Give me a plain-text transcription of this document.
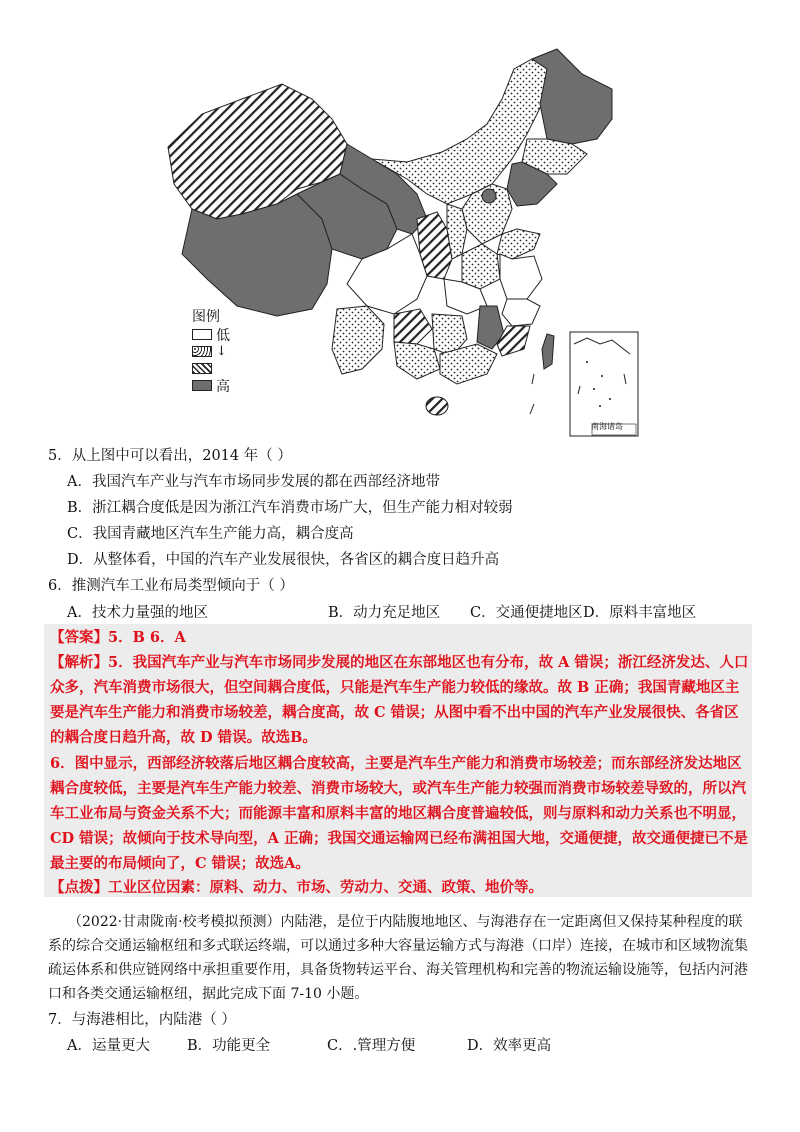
图例
低
↓
高
南海诸岛
5．从上图中可以看出，2014 年（ ）
A．我国汽车产业与汽车市场同步发展的都在西部经济地带
B．浙江耦合度低是因为浙江汽车消费市场广大，但生产能力相对较弱
C．我国青藏地区汽车生产能力高，耦合度高
D．从整体看，中国的汽车产业发展很快，各省区的耦合度日趋升高
6．推测汽车工业布局类型倾向于（ ）
A．技术力量强的地区	B．动力充足地区 C．交通便捷地区 D．原料丰富地区
【答案】5．B 6．A
【解析】5．我国汽车产业与汽车市场同步发展的地区在东部地区也有分布，故 A 错误；浙江经济发达、人口众多，汽车消费市场很大，但空间耦合度低，只能是汽车生产能力较低的缘故。故 B 正确；我国青藏地区主要是汽车生产能力和消费市场较差，耦合度高，故 C 错误；从图中看不出中国的汽车产业发展很快、各省区的耦合度日趋升高，故 D 错误。故选B。
6．图中显示，西部经济较落后地区耦合度较高，主要是汽车生产能力和消费市场较差；而东部经济发达地区耦合度较低，主要是汽车生产能力较差、消费市场较大，或汽车生产能力较强而消费市场较差导致的，所以汽车工业布局与资金关系不大；而能源丰富和原料丰富的地区耦合度普遍较低，则与原料和动力关系也不明显，CD 错误；故倾向于技术导向型，A 正确；我国交通运输网已经布满祖国大地，交通便捷，故交通便捷已不是最主要的布局倾向了，C 错误；故选A。
【点拨】工业区位因素：原料、动力、市场、劳动力、交通、政策、地价等。
（2022·甘肃陇南·校考模拟预测）内陆港，是位于内陆腹地地区、与海港存在一定距离但又保持某种程度的联系的综合交通运输枢纽和多式联运终端，可以通过多种大容量运输方式与海港（口岸）连接，在城市和区域物流集疏运体系和供应链网络中承担重要作用，具备货物转运平台、海关管理机构和完善的物流运输设施等，包括内河港口和各类交通运输枢纽，据此完成下面 7-10 小题。
7．与海港相比，内陆港（ ）
A．运量更大	B．功能更全	C．.管理方便	D．效率更高
